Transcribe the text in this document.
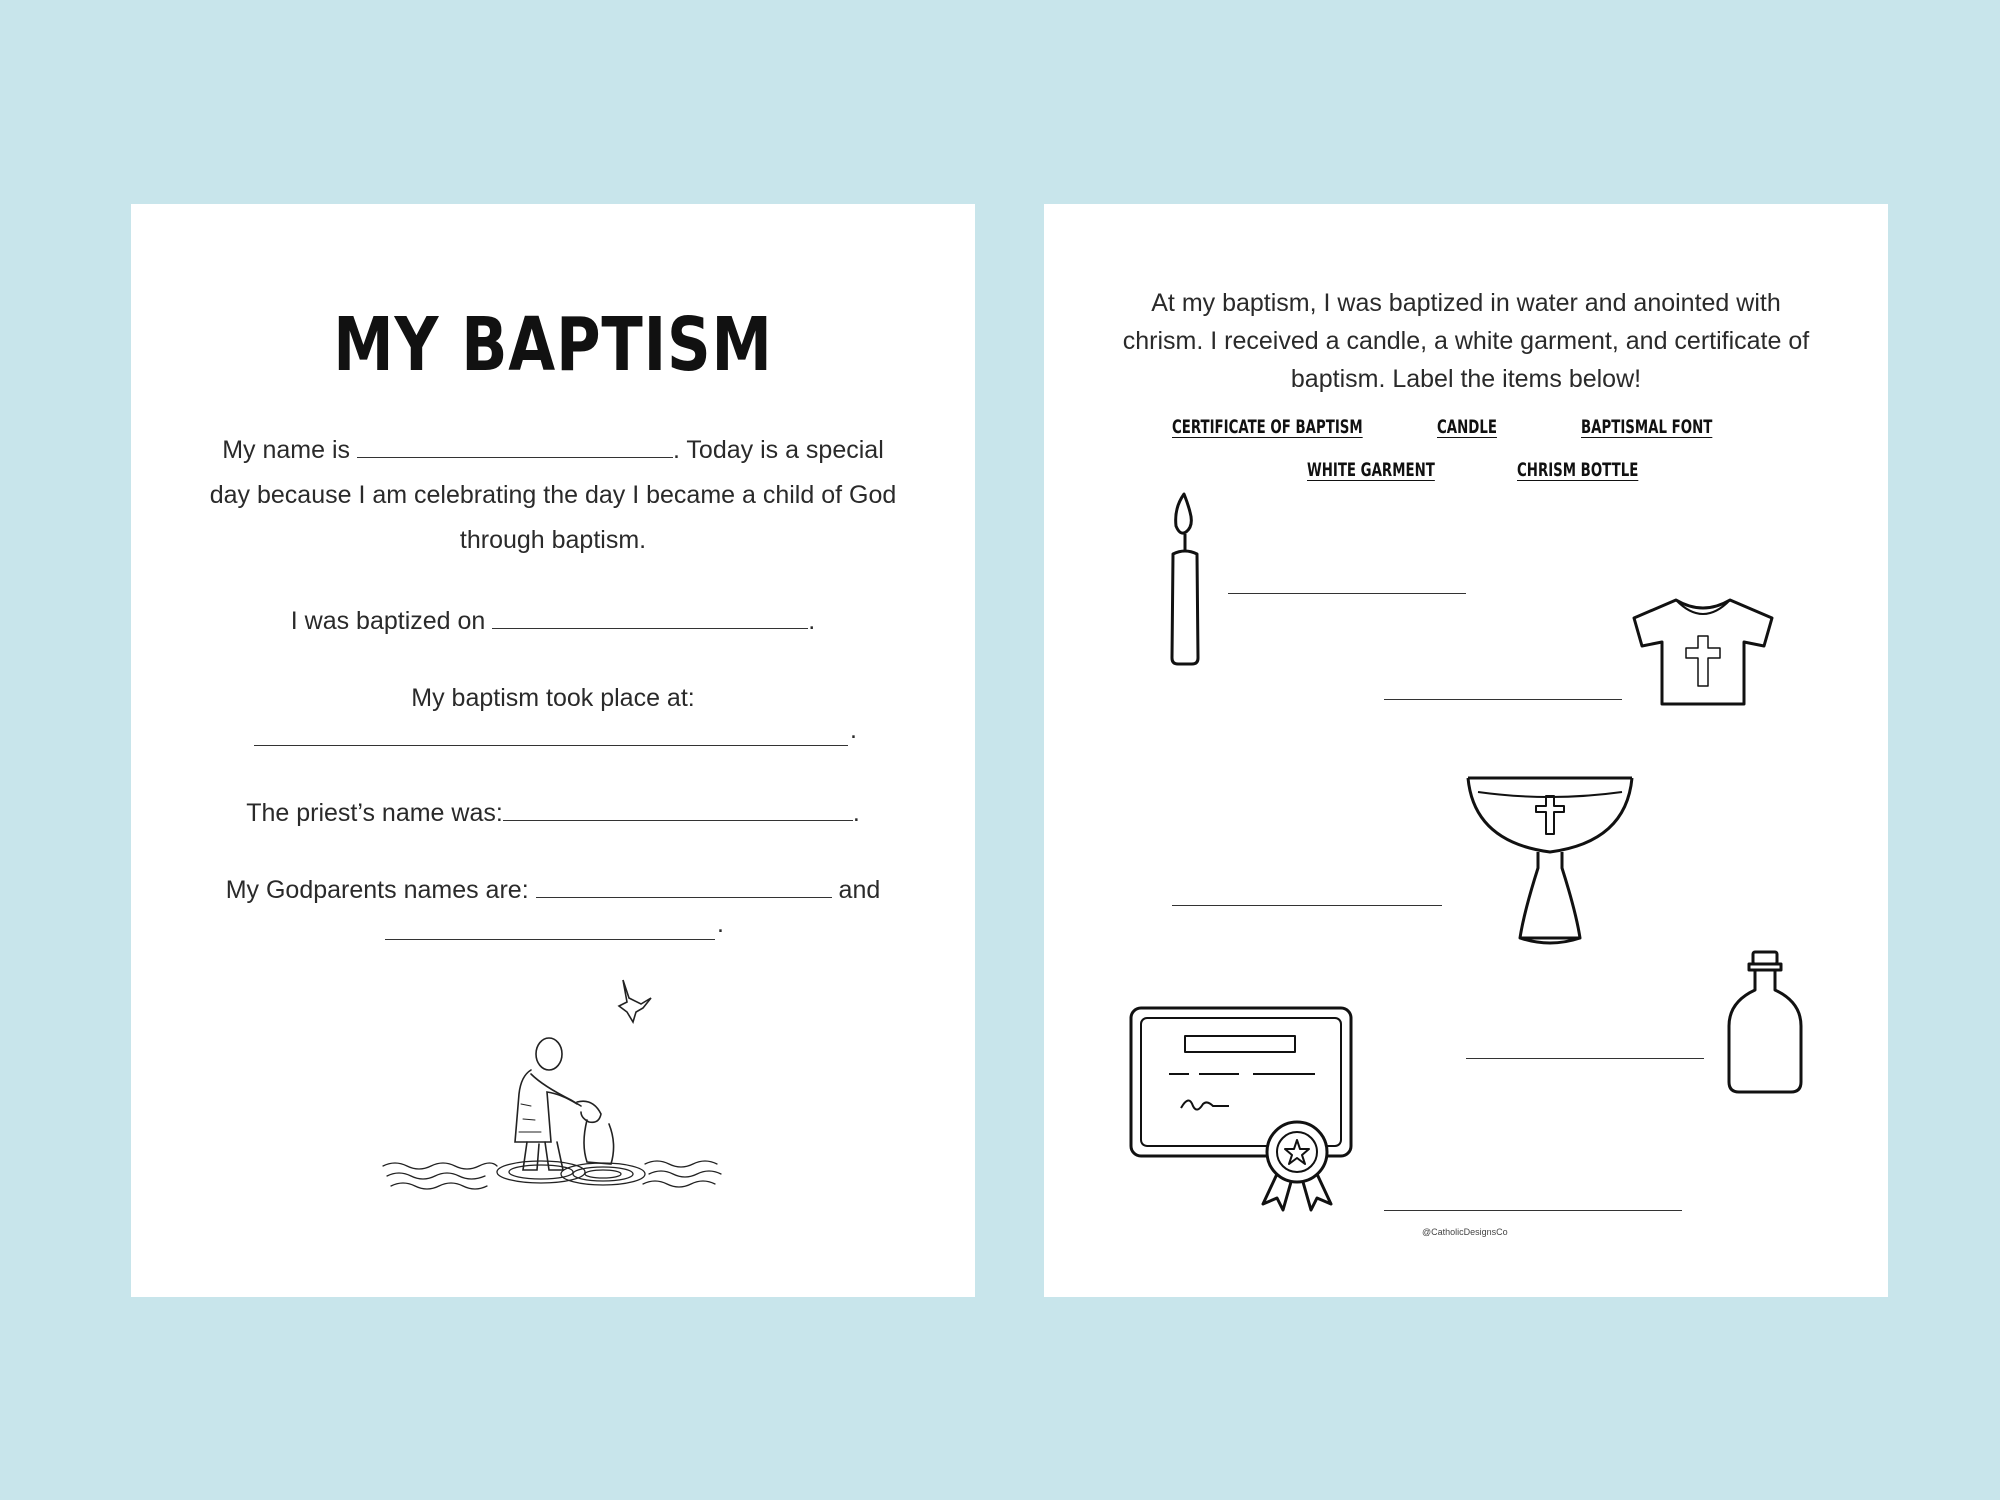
MY BAPTISM
My name is	. Today is a special
day because I am celebrating the day I became a child of God
through baptism.
I was baptized on	.
My baptism took place at:
.
The priest’s name was:	.
My Godparents names are:	and
.
At my baptism, I was baptized in water and anointed with chrism. I received a candle, a white garment, and certificate of baptism. Label the items below!
CERTIFICATE OF BAPTISM	CANDLE	BAPTISMAL FONT
WHITE GARMENT	CHRISM BOTTLE
@CatholicDesignsCo
